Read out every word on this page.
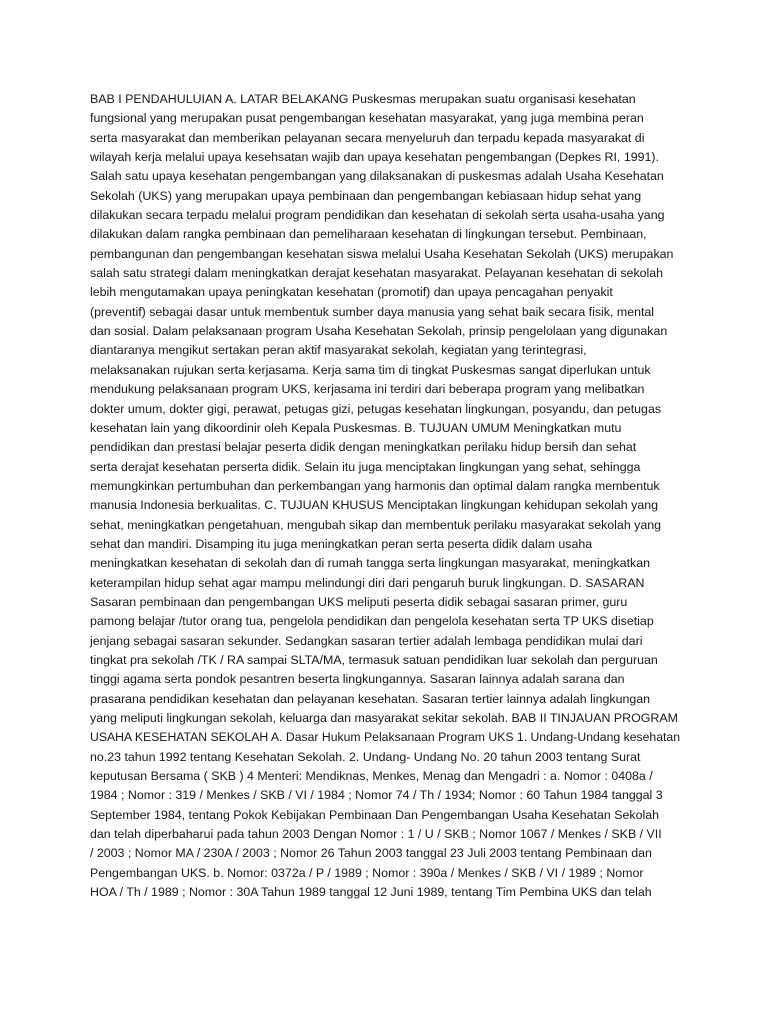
BAB I PENDAHULUIAN A. LATAR BELAKANG Puskesmas merupakan suatu organisasi kesehatan
fungsional yang merupakan pusat pengembangan kesehatan masyarakat, yang juga membina peran
serta masyarakat dan memberikan pelayanan secara menyeluruh dan terpadu kepada masyarakat di
wilayah kerja melalui upaya kesehsatan wajib dan upaya kesehatan pengembangan (Depkes RI, 1991).
Salah satu upaya kesehatan pengembangan yang dilaksanakan di puskesmas adalah Usaha Kesehatan
Sekolah (UKS) yang merupakan upaya pembinaan dan pengembangan kebiasaan hidup sehat yang
dilakukan secara terpadu melalui program pendidikan dan kesehatan di sekolah serta usaha-usaha yang
dilakukan dalam rangka pembinaan dan pemeliharaan kesehatan di lingkungan tersebut. Pembinaan,
pembangunan dan pengembangan kesehatan siswa melalui Usaha Kesehatan Sekolah (UKS) merupakan
salah satu strategi dalam meningkatkan derajat kesehatan masyarakat. Pelayanan kesehatan di sekolah
lebih mengutamakan upaya peningkatan kesehatan (promotif) dan upaya pencagahan penyakit
(preventif) sebagai dasar untuk membentuk sumber daya manusia yang sehat baik secara fisik, mental
dan sosial. Dalam pelaksanaan program Usaha Kesehatan Sekolah, prinsip pengelolaan yang digunakan
diantaranya mengikut sertakan peran aktif masyarakat sekolah, kegiatan yang terintegrasi,
melaksanakan rujukan serta kerjasama. Kerja sama tim di tingkat Puskesmas sangat diperlukan untuk
mendukung pelaksanaan program UKS, kerjasama ini terdiri dari beberapa program yang melibatkan
dokter umum, dokter gigi, perawat, petugas gizi, petugas kesehatan lingkungan, posyandu, dan petugas
kesehatan lain yang dikoordinir oleh Kepala Puskesmas. B. TUJUAN UMUM Meningkatkan mutu
pendidikan dan prestasi belajar peserta didik dengan meningkatkan perilaku hidup bersih dan sehat
serta derajat kesehatan perserta didik. Selain itu juga menciptakan lingkungan yang sehat, sehingga
memungkinkan pertumbuhan dan perkembangan yang harmonis dan optimal dalam rangka membentuk
manusia Indonesia berkualitas. C. TUJUAN KHUSUS Menciptakan lingkungan kehidupan sekolah yang
sehat, meningkatkan pengetahuan, mengubah sikap dan membentuk perilaku masyarakat sekolah yang
sehat dan mandiri. Disamping itu juga meningkatkan peran serta peserta didik dalam usaha
meningkatkan kesehatan di sekolah dan di rumah tangga serta lingkungan masyarakat, meningkatkan
keterampilan hidup sehat agar mampu melindungi diri dari pengaruh buruk lingkungan. D. SASARAN
Sasaran pembinaan dan pengembangan UKS meliputi peserta didik sebagai sasaran primer, guru
pamong belajar /tutor orang tua, pengelola pendidikan dan pengelola kesehatan serta TP UKS disetiap
jenjang sebagai sasaran sekunder. Sedangkan sasaran tertier adalah lembaga pendidikan mulai dari
tingkat pra sekolah /TK / RA sampai SLTA/MA, termasuk satuan pendidikan luar sekolah dan perguruan
tinggi agama serta pondok pesantren beserta lingkungannya. Sasaran lainnya adalah sarana dan
prasarana pendidikan kesehatan dan pelayanan kesehatan. Sasaran tertier lainnya adalah lingkungan
yang meliputi lingkungan sekolah, keluarga dan masyarakat sekitar sekolah. BAB II TINJAUAN PROGRAM
USAHA KESEHATAN SEKOLAH A. Dasar Hukum Pelaksanaan Program UKS 1. Undang-Undang kesehatan
no.23 tahun 1992 tentang Kesehatan Sekolah. 2. Undang- Undang No. 20 tahun 2003 tentang Surat
keputusan Bersama ( SKB ) 4 Menteri: Mendiknas, Menkes, Menag dan Mengadri : a. Nomor : 0408a /
1984 ; Nomor : 319 / Menkes / SKB / VI / 1984 ; Nomor 74 / Th / 1934; Nomor : 60 Tahun 1984 tanggal 3
September 1984, tentang Pokok Kebijakan Pembinaan Dan Pengembangan Usaha Kesehatan Sekolah
dan telah diperbaharui pada tahun 2003 Dengan Nomor : 1 / U / SKB ; Nomor 1067 / Menkes / SKB / VII
/ 2003 ; Nomor MA / 230A / 2003 ; Nomor 26 Tahun 2003 tanggal 23 Juli 2003 tentang Pembinaan dan
Pengembangan UKS. b. Nomor: 0372a / P / 1989 ; Nomor : 390a / Menkes / SKB / VI / 1989 ; Nomor
HOA / Th / 1989 ; Nomor : 30A Tahun 1989 tanggal 12 Juni 1989, tentang Tim Pembina UKS dan telah
